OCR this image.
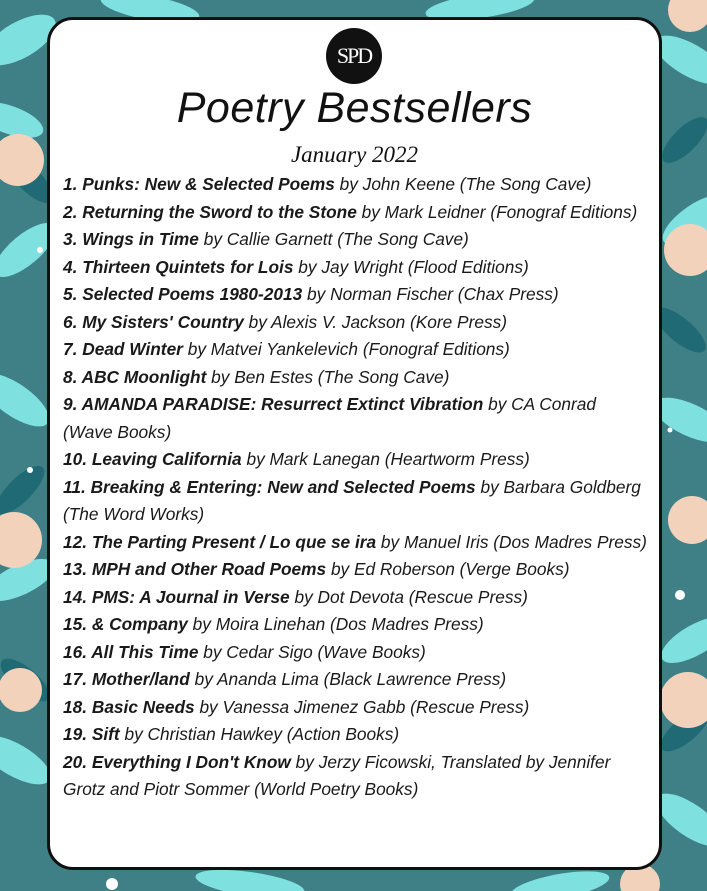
SPD
Poetry Bestsellers
January 2022
1. Punks: New & Selected Poems by John Keene (The Song Cave)
2. Returning the Sword to the Stone by Mark Leidner (Fonograf Editions)
3. Wings in Time by Callie Garnett (The Song Cave)
4. Thirteen Quintets for Lois by Jay Wright (Flood Editions)
5. Selected Poems 1980-2013 by Norman Fischer (Chax Press)
6. My Sisters' Country by Alexis V. Jackson (Kore Press)
7. Dead Winter by Matvei Yankelevich (Fonograf Editions)
8. ABC Moonlight by Ben Estes (The Song Cave)
9. AMANDA PARADISE: Resurrect Extinct Vibration by CA Conrad (Wave Books)
10. Leaving California by Mark Lanegan (Heartworm Press)
11. Breaking & Entering: New and Selected Poems by Barbara Goldberg (The Word Works)
12. The Parting Present / Lo que se ira by Manuel Iris (Dos Madres Press)
13. MPH and Other Road Poems by Ed Roberson (Verge Books)
14. PMS: A Journal in Verse by Dot Devota (Rescue Press)
15. & Company by Moira Linehan (Dos Madres Press)
16. All This Time by Cedar Sigo (Wave Books)
17. Mother/land by Ananda Lima (Black Lawrence Press)
18. Basic Needs by Vanessa Jimenez Gabb (Rescue Press)
19. Sift by Christian Hawkey (Action Books)
20. Everything I Don't Know by Jerzy Ficowski, Translated by Jennifer Grotz and Piotr Sommer (World Poetry Books)
